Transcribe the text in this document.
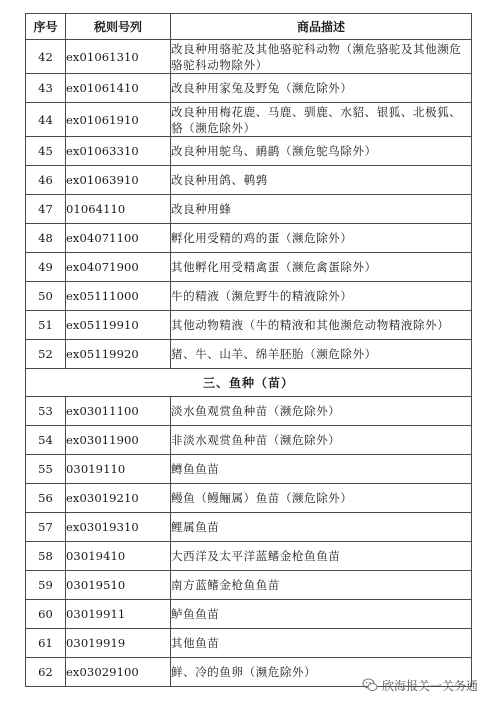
序号	税则号列	商品描述
42	ex01061310	改良种用骆驼及其他骆驼科动物（濒危骆驼及其他濒危骆驼科动物除外）
43	ex01061410	改良种用家兔及野兔（濒危除外）
44	ex01061910	改良种用梅花鹿、马鹿、驯鹿、水貂、银狐、北极狐、貉（濒危除外）
45	ex01063310	改良种用鸵鸟、鸸鹋（濒危鸵鸟除外）
46	ex01063910	改良种用鸽、鹌鹑
47	01064110	改良种用蜂
48	ex04071100	孵化用受精的鸡的蛋（濒危除外）
49	ex04071900	其他孵化用受精禽蛋（濒危禽蛋除外）
50	ex05111000	牛的精液（濒危野牛的精液除外）
51	ex05119910	其他动物精液（牛的精液和其他濒危动物精液除外）
52	ex05119920	猪、牛、山羊、绵羊胚胎（濒危除外）
三、鱼种（苗）		
53	ex03011100	淡水鱼观赏鱼种苗（濒危除外）
54	ex03011900	非淡水观赏鱼种苗（濒危除外）
55	03019110	鳟鱼鱼苗
56	ex03019210	鳗鱼（鳗鲡属）鱼苗（濒危除外）
57	ex03019310	鲤属鱼苗
58	03019410	大西洋及太平洋蓝鳍金枪鱼鱼苗
59	03019510	南方蓝鳍金枪鱼鱼苗
60	03019911	鲈鱼鱼苗
61	03019919	其他鱼苗
62	ex03029100	鲜、冷的鱼卵（濒危除外）
欣海报关一关务通
